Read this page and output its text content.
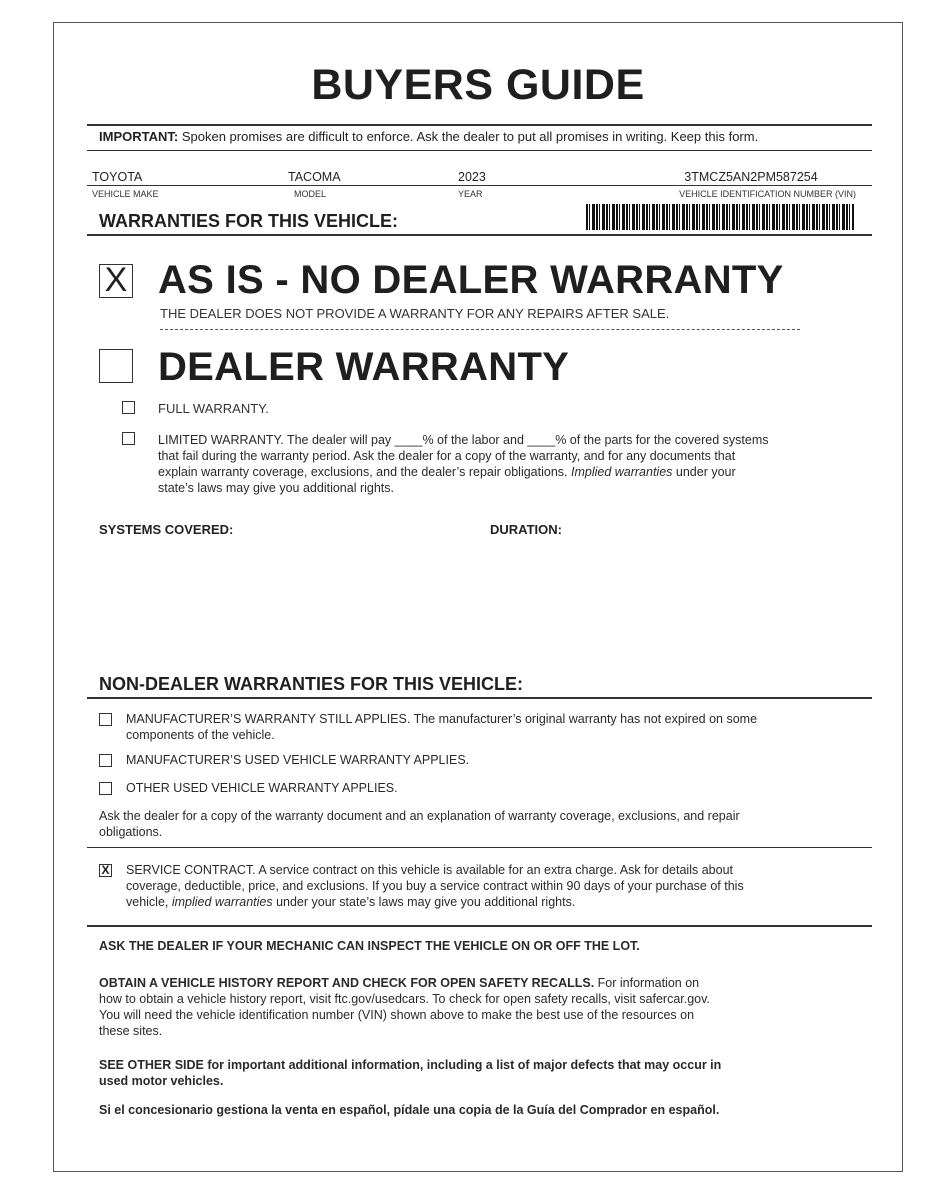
BUYERS GUIDE
IMPORTANT: Spoken promises are difficult to enforce. Ask the dealer to put all promises in writing. Keep this form.
TOYOTA	TACOMA	2023	3TMCZ5AN2PM587254
VEHICLE MAKE	MODEL	YEAR	VEHICLE IDENTIFICATION NUMBER (VIN)
WARRANTIES FOR THIS VEHICLE:
X AS IS - NO DEALER WARRANTY
THE DEALER DOES NOT PROVIDE A WARRANTY FOR ANY REPAIRS AFTER SALE.
DEALER WARRANTY
FULL WARRANTY.
LIMITED WARRANTY. The dealer will pay ____% of the labor and ____% of the parts for the covered systems
that fail during the warranty period. Ask the dealer for a copy of the warranty, and for any documents that
explain warranty coverage, exclusions, and the dealer’s repair obligations. Implied warranties under your
state’s laws may give you additional rights.
SYSTEMS COVERED:	DURATION:
NON-DEALER WARRANTIES FOR THIS VEHICLE:
MANUFACTURER’S WARRANTY STILL APPLIES. The manufacturer’s original warranty has not expired on some
components of the vehicle.
MANUFACTURER’S USED VEHICLE WARRANTY APPLIES.
OTHER USED VEHICLE WARRANTY APPLIES.
Ask the dealer for a copy of the warranty document and an explanation of warranty coverage, exclusions, and repair
obligations.
X SERVICE CONTRACT. A service contract on this vehicle is available for an extra charge. Ask for details about
coverage, deductible, price, and exclusions. If you buy a service contract within 90 days of your purchase of this
vehicle, implied warranties under your state’s laws may give you additional rights.
ASK THE DEALER IF YOUR MECHANIC CAN INSPECT THE VEHICLE ON OR OFF THE LOT.
OBTAIN A VEHICLE HISTORY REPORT AND CHECK FOR OPEN SAFETY RECALLS. For information on
how to obtain a vehicle history report, visit ftc.gov/usedcars. To check for open safety recalls, visit safercar.gov.
You will need the vehicle identification number (VIN) shown above to make the best use of the resources on
these sites.
SEE OTHER SIDE for important additional information, including a list of major defects that may occur in
used motor vehicles.
Si el concesionario gestiona la venta en español, pídale una copia de la Guía del Comprador en español.
